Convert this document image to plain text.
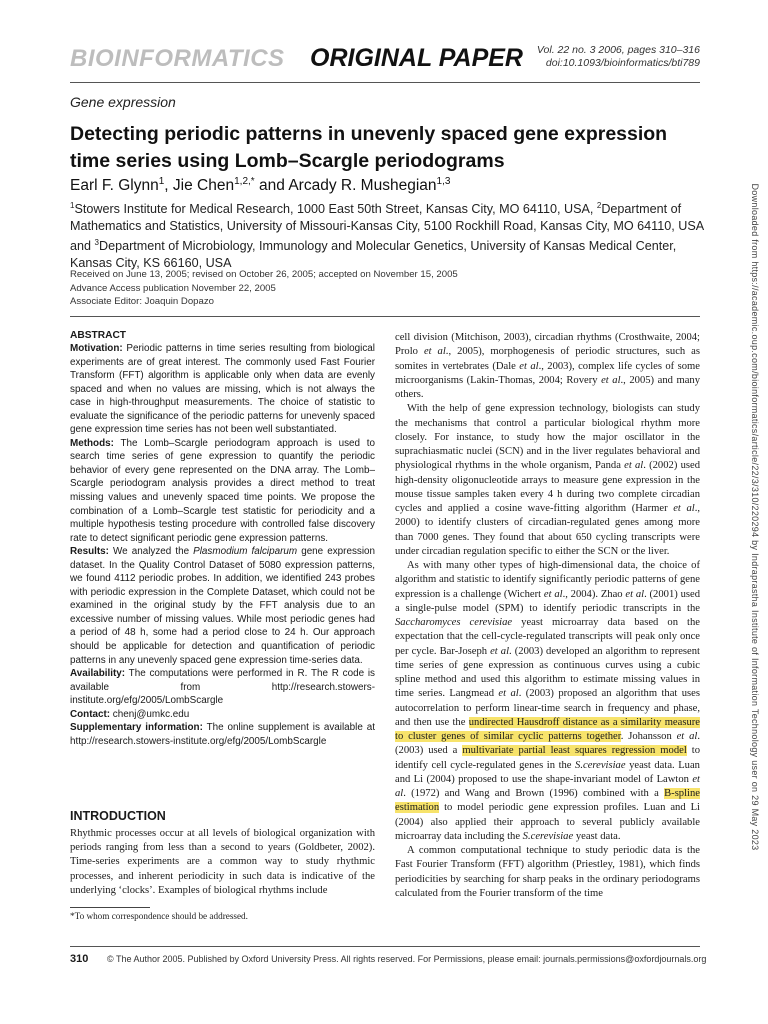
BIOINFORMATICS ORIGINAL PAPER Vol. 22 no. 3 2006, pages 310–316
doi:10.1093/bioinformatics/bti789
Gene expression
Detecting periodic patterns in unevenly spaced gene expression
time series using Lomb–Scargle periodograms
Earl F. Glynn$^1$, Jie Chen$^{1,2,*}$ and Arcady R. Mushegian$^{1,3}$
$^1$Stowers Institute for Medical Research, 1000 East 50th Street, Kansas City, MO 64110, USA, $^2$Department of Mathematics and Statistics, University of Missouri-Kansas City, 5100 Rockhill Road, Kansas City, MO 64110, USA and $^3$Department of Microbiology, Immunology and Molecular Genetics, University of Kansas Medical Center, Kansas City, KS 66160, USA
Received on June 13, 2005; revised on October 26, 2005; accepted on November 15, 2005
Advance Access publication November 22, 2005
Associate Editor: Joaquin Dopazo
ABSTRACT

Motivation: Periodic patterns in time series resulting from biological experiments are of great interest. The commonly used Fast Fourier Transform (FFT) algorithm is applicable only when data are evenly spaced and when no values are missing, which is not always the case in high-throughput measurements. The choice of statistic to evaluate the significance of the periodic patterns for unevenly spaced gene expression time series has not been well substantiated.

Methods: The Lomb–Scargle periodogram approach is used to search time series of gene expression to quantify the periodic behavior of every gene represented on the DNA array. The Lomb–Scargle periodogram analysis provides a direct method to treat missing values and unevenly spaced time points. We propose the combination of a Lomb–Scargle test statistic for periodicity and a multiple hypothesis testing procedure with controlled false discovery rate to detect significant periodic gene expression patterns.

Results: We analyzed the Plasmodium falciparum gene expression dataset. In the Quality Control Dataset of 5080 expression patterns, we found 4112 periodic probes. In addition, we identified 243 probes with periodic expression in the Complete Dataset, which could not be examined in the original study by the FFT analysis due to an excessive number of missing values. While most periodic genes had a period of 48 h, some had a period close to 24 h. Our approach should be applicable for detection and quantification of periodic patterns in any unevenly spaced gene expression time-series data.

Availability: The computations were performed in R. The R code is available from http://research.stowers-institute.org/efg/2005/LombScargle

Contact: chenj@umkc.edu

Supplementary information: The online supplement is available at http://research.stowers-institute.org/efg/2005/LombScargle

INTRODUCTION
Rhythmic processes occur at all levels of biological organization with periods ranging from less than a second to years (Goldbeter, 2002). Time-series experiments are a common way to study rhythmic processes, and inherent periodicity in such data is indicative of the underlying ‘clocks’. Examples of biological rhythms include
*To whom correspondence should be addressed.

cell division (Mitchison, 2003), circadian rhythms (Crosthwaite, 2004; Prolo et al., 2005), morphogenesis of periodic structures, such as somites in vertebrates (Dale et al., 2003), complex life cycles of some microorganisms (Lakin-Thomas, 2004; Rovery et al., 2005) and many others.

With the help of gene expression technology, biologists can study the mechanisms that control a particular biological rhythm more closely. For instance, to study how the major oscillator in the suprachiasmatic nuclei (SCN) and in the liver regulates behavioral and physiological rhythms in the whole organism, Panda et al. (2002) used high-density oligonucleotide arrays to measure gene expression in the mouse tissue samples taken every 4 h during two complete circadian cycles and applied a cosine wave-fitting algorithm (Harmer et al., 2000) to identify clusters of circadian-regulated genes among more than 7000 genes. They found that about 650 cycling transcripts were under circadian regulation specific to either the SCN or the liver.

As with many other types of high-dimensional data, the choice of algorithm and statistic to identify significantly periodic patterns of gene expression is a challenge (Wichert et al., 2004). Zhao et al. (2001) used a single-pulse model (SPM) to identify periodic transcripts in the Saccharomyces cerevisiae yeast microarray data based on the expectation that the cell-cycle-regulated transcripts will peak only once per cycle. Bar-Joseph et al. (2003) developed an algorithm to represent time series of gene expression as continuous curves using a cubic spline method and used this algorithm to estimate missing values in time series. Langmead et al. (2003) proposed an algorithm that uses autocorrelation to perform linear-time search in frequency and phase, and then use the undirected Hausdroff distance as a similarity measure to cluster genes of similar cyclic patterns together. Johansson et al. (2003) used a multivariate partial least squares regression model to identify cell cycle-regulated genes in the S.cerevisiae yeast data. Luan and Li (2004) proposed to use the shape-invariant model of Lawton et al. (1972) and Wang and Brown (1996) combined with a B-spline estimation to model periodic gene expression profiles. Luan and Li (2004) also applied their approach to several publicly available microarray data including the S.cerevisiae yeast data.

A common computational technique to study periodic data is the Fast Fourier Transform (FFT) algorithm (Priestley, 1981), which finds periodicities by searching for sharp peaks in the ordinary periodograms calculated from the Fourier transform of the time

310 © The Author 2005. Published by Oxford University Press. All rights reserved. For Permissions, please email: journals.permissions@oxfordjournals.org
Downloaded from https://academic.oup.com/bioinformatics/article/22/3/310/220294 by Indraprastha Institute of Information Technology user on 29 May 2023
